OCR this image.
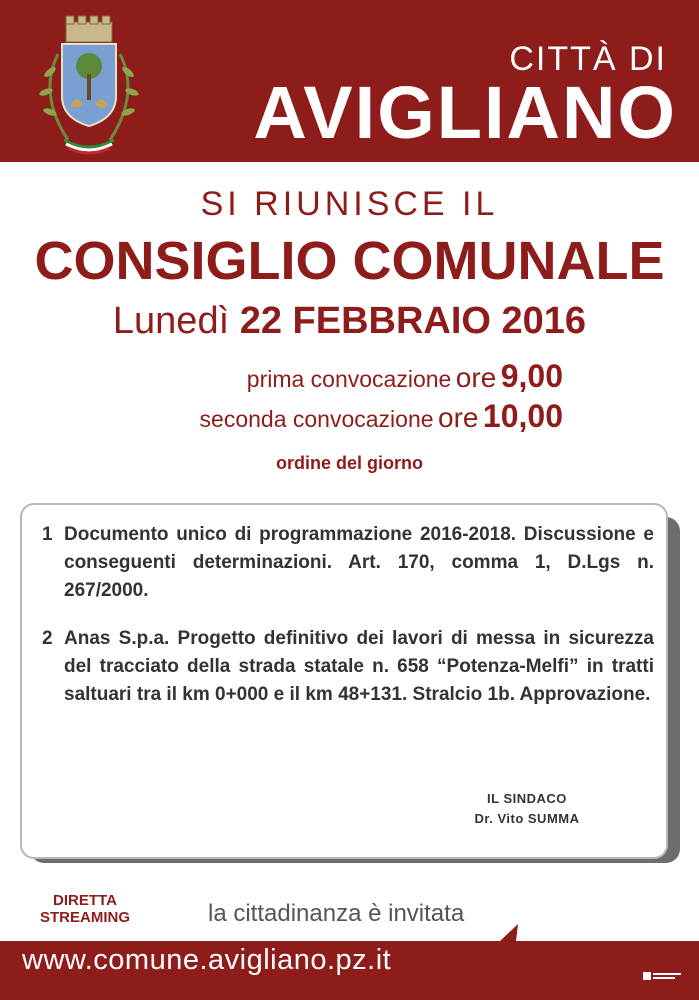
CITTÀ DI
AVIGLIANO
SI RIUNISCE IL
CONSIGLIO COMUNALE
Lunedì 22 FEBBRAIO 2016
prima convocazione ore 9,00
seconda convocazione ore 10,00
ordine del giorno
1 Documento unico di programmazione 2016-2018. Discussione e conseguenti determinazioni. Art. 170, comma 1, D.Lgs n. 267/2000.
2 Anas S.p.a. Progetto definitivo dei lavori di messa in sicurezza del tracciato della strada statale n. 658 “Potenza-Melfi” in tratti saltuari tra il km 0+000 e il km 48+131. Stralcio 1b. Approvazione.
IL SINDACO
Dr. Vito SUMMA
DIRETTA
STREAMING	la cittadinanza è invitata
www.comune.avigliano.pz.it
